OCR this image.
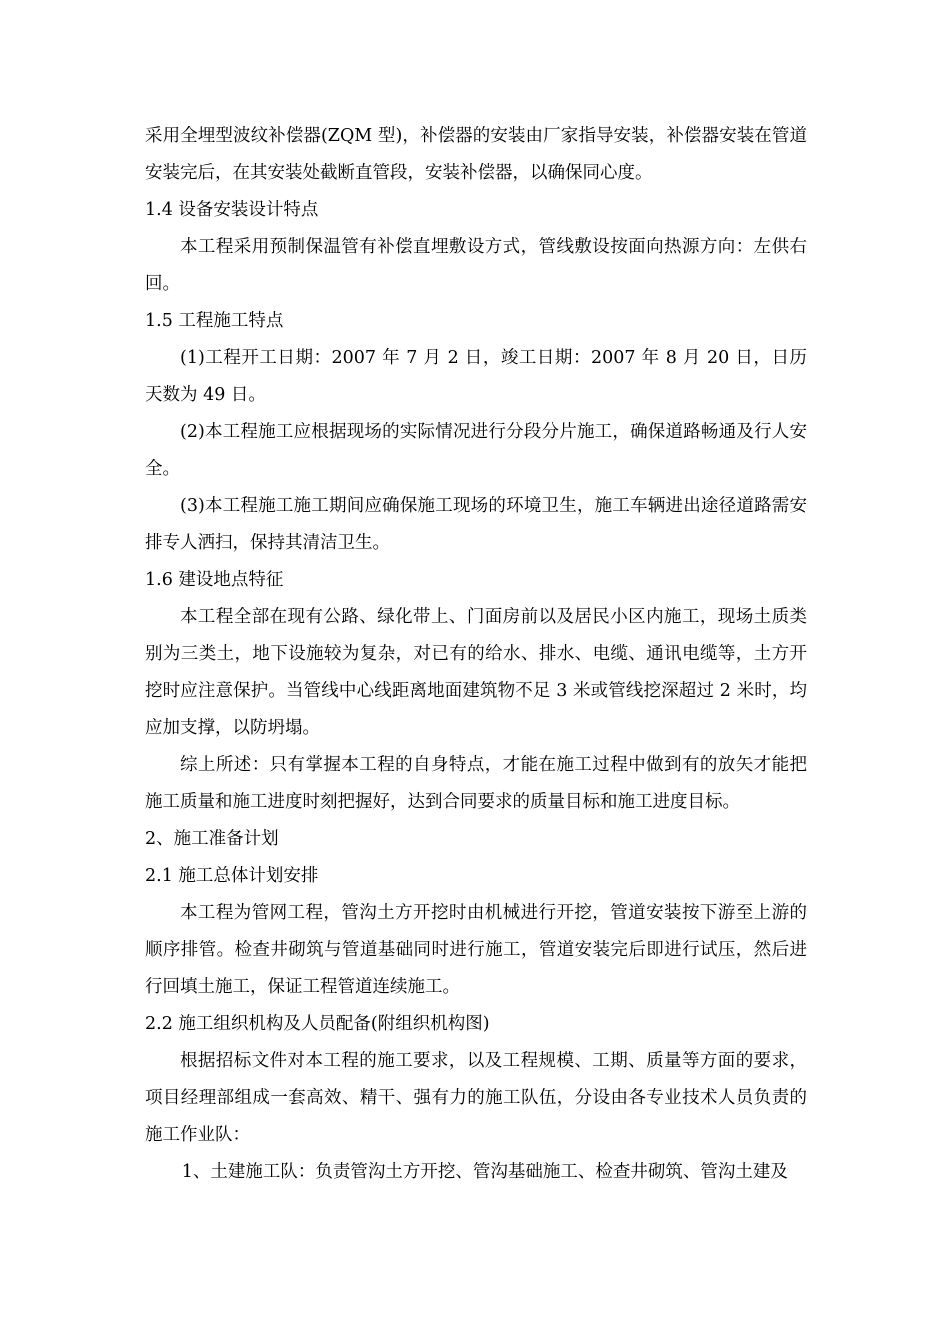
采用全埋型波纹补偿器(ZQM 型)，补偿器的安装由厂家指导安装，补偿器安装在管道安装完后，在其安装处截断直管段，安装补偿器，以确保同心度。

1.4 设备安装设计特点

本工程采用预制保温管有补偿直埋敷设方式，管线敷设按面向热源方向：左供右回。

1.5 工程施工特点

(1)工程开工日期：2007 年 7 月 2 日，竣工日期：2007 年 8 月 20 日，日历天数为 49 日。

(2)本工程施工应根据现场的实际情况进行分段分片施工，确保道路畅通及行人安全。

(3)本工程施工施工期间应确保施工现场的环境卫生，施工车辆进出途径道路需安排专人洒扫，保持其清洁卫生。

1.6 建设地点特征

本工程全部在现有公路、绿化带上、门面房前以及居民小区内施工，现场土质类别为三类土，地下设施较为复杂，对已有的给水、排水、电缆、通讯电缆等，土方开挖时应注意保护。当管线中心线距离地面建筑物不足 3 米或管线挖深超过 2 米时，均应加支撑，以防坍塌。

综上所述：只有掌握本工程的自身特点，才能在施工过程中做到有的放矢才能把施工质量和施工进度时刻把握好，达到合同要求的质量目标和施工进度目标。

2、施工准备计划

2.1 施工总体计划安排

本工程为管网工程，管沟土方开挖时由机械进行开挖，管道安装按下游至上游的顺序排管。检查井砌筑与管道基础同时进行施工，管道安装完后即进行试压，然后进行回填土施工，保证工程管道连续施工。

2.2 施工组织机构及人员配备(附组织机构图)

根据招标文件对本工程的施工要求，以及工程规模、工期、质量等方面的要求，项目经理部组成一套高效、精干、强有力的施工队伍，分设由各专业技术人员负责的施工作业队：

1、土建施工队：负责管沟土方开挖、管沟基础施工、检查井砌筑、管沟土建及
